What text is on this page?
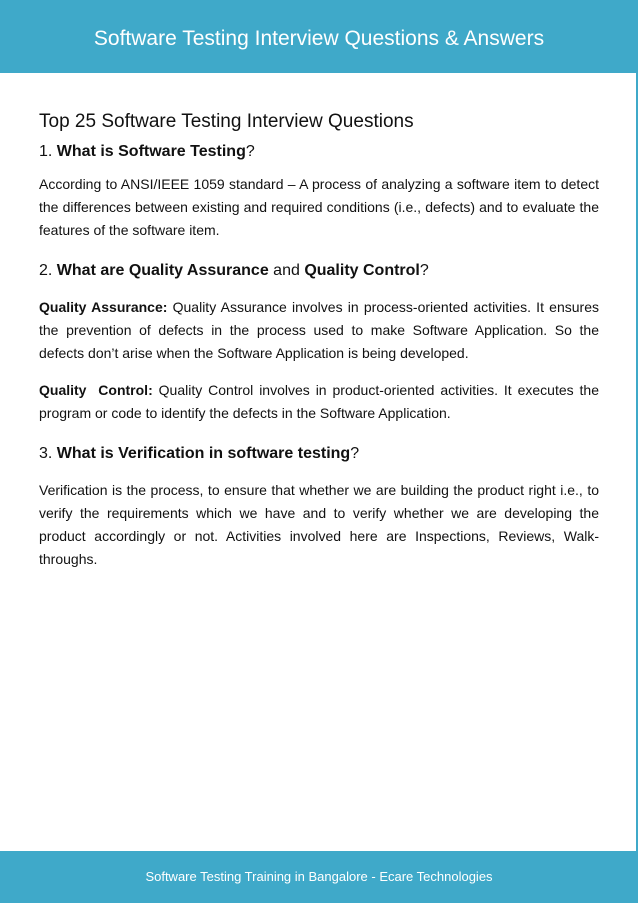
Software Testing Interview Questions & Answers
Top 25 Software Testing Interview Questions
1. What is Software Testing?

According to ANSI/IEEE 1059 standard – A process of analyzing a software item to detect the differences between existing and required conditions (i.e., defects) and to evaluate the features of the software item.

2. What are Quality Assurance and Quality Control?

Quality Assurance: Quality Assurance involves in process-oriented activities. It ensures the prevention of defects in the process used to make Software Application. So the defects don’t arise when the Software Application is being developed.

Quality  Control: Quality Control involves in product-oriented activities. It executes the program or code to identify the defects in the Software Application.

3. What is Verification in software testing?

Verification is the process, to ensure that whether we are building the product right i.e., to verify the requirements which we have and to verify whether we are developing the product accordingly or not. Activities involved here are Inspections, Reviews, Walk-throughs.

Software Testing Training in Bangalore - Ecare Technologies
